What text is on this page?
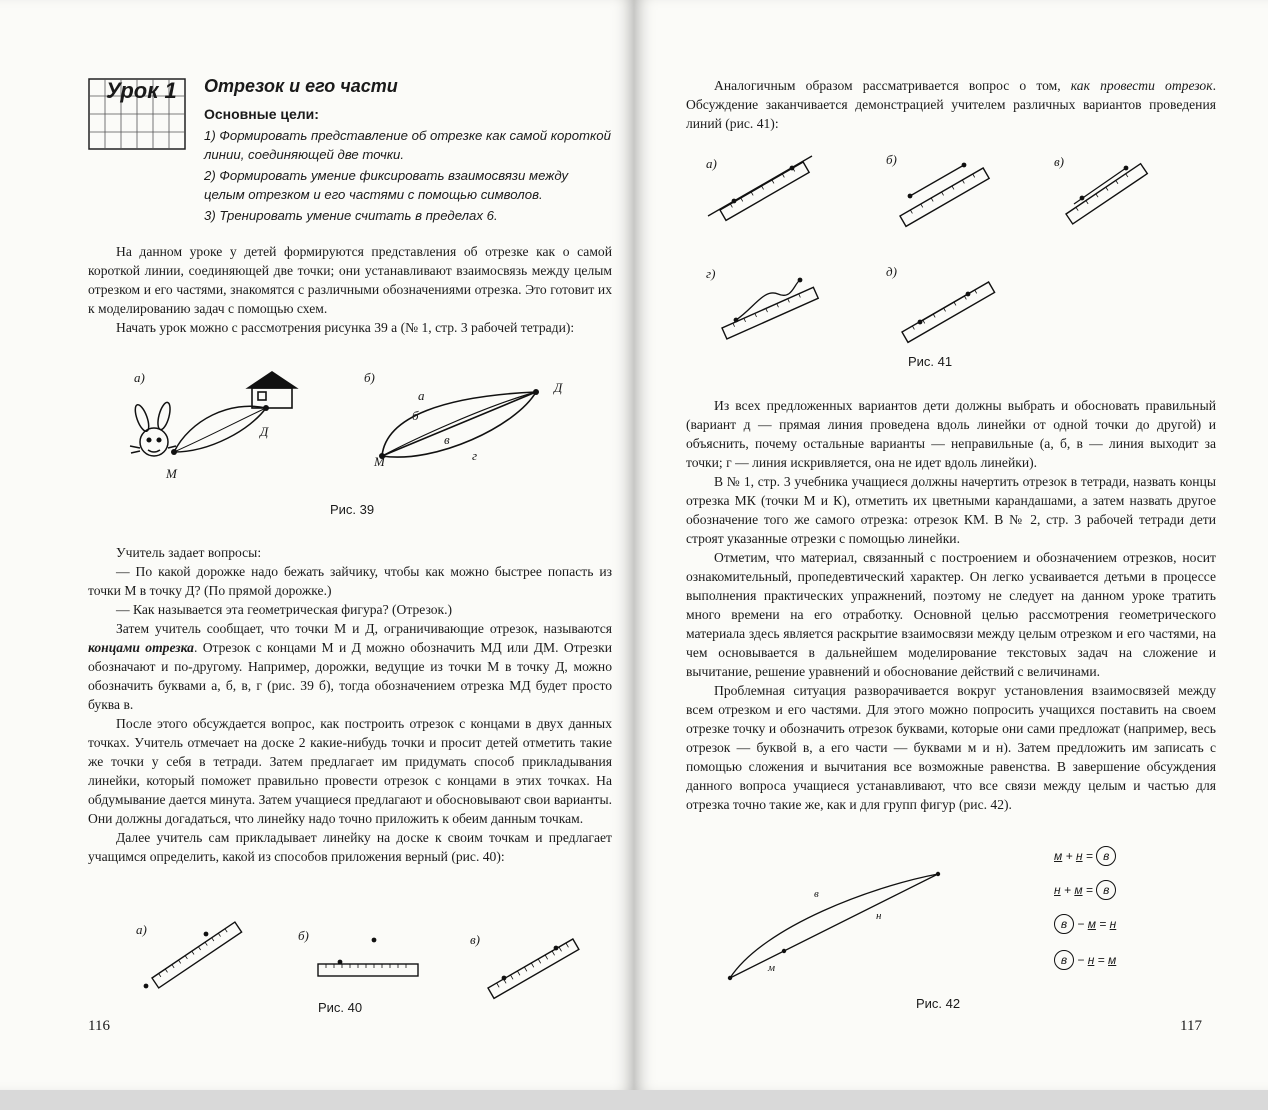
Урок 1 Отрезок и его части
Основные цели:

1) Формировать представление об отрезке как самой короткой линии, соединяющей две точки.

2) Формировать умение фиксировать взаимосвязи между целым отрезком и его частями с помощью символов.

3) Тренировать умение считать в пределах 6.

На данном уроке у детей формируются представления об отрезке как о самой короткой линии, соединяющей две точки; они устанавливают взаимосвязь между целым отрезком и его частями, знакомятся с различными обозначениями отрезка. Это готовит их к моделированию задач с помощью схем.

Начать урок можно с рассмотрения рисунка 39 а (№ 1, стр. 3 рабочей тетради):

а)	б)
М
Д
М
Д
а
б
в
г
Рис. 39

Учитель задает вопросы:

— По какой дорожке надо бежать зайчику, чтобы как можно быстрее попасть из точки М в точку Д? (По прямой дорожке.)

— Как называется эта геометрическая фигура? (Отрезок.)

Затем учитель сообщает, что точки М и Д, ограничивающие отрезок, называются концами отрезка. Отрезок с концами М и Д можно обозначить МД или ДМ. Отрезки обозначают и по-другому. Например, дорожки, ведущие из точки М в точку Д, можно обозначить буквами а, б, в, г (рис. 39 б), тогда обозначением отрезка МД будет просто буква в.

После этого обсуждается вопрос, как построить отрезок с концами в двух данных точках. Учитель отмечает на доске 2 какие-нибудь точки и просит детей отметить такие же точки у себя в тетради. Затем предлагает им придумать способ прикладывания линейки, который поможет правильно провести отрезок с концами в этих точках. На обдумывание дается минута. Затем учащиеся предлагают и обосновывают свои варианты. Они должны догадаться, что линейку надо точно приложить к обеим данным точкам.

Далее учитель сам прикладывает линейку на доске к своим точкам и предлагает учащимся определить, какой из способов приложения верный (рис. 40):

а)	б)	в)
Рис. 40
116

Аналогичным образом рассматривается вопрос о том, как провести отрезок. Обсуждение заканчивается демонстрацией учителем различных вариантов проведения линий (рис. 41):

а)	б)	в)
г)	д)
Рис. 41

Из всех предложенных вариантов дети должны выбрать и обосновать правильный (вариант д — прямая линия проведена вдоль линейки от одной точки до другой) и объяснить, почему остальные варианты — неправильные (а, б, в — линия выходит за точки; г — линия искривляется, она не идет вдоль линейки).

В № 1, стр. 3 учебника учащиеся должны начертить отрезок в тетради, назвать концы отрезка МК (точки М и К), отметить их цветными карандашами, а затем назвать другое обозначение того же самого отрезка: отрезок КМ. В № 2, стр. 3 рабочей тетради дети строят указанные отрезки с помощью линейки.

Отметим, что материал, связанный с построением и обозначением отрезков, носит ознакомительный, пропедевтический характер. Он легко усваивается детьми в процессе выполнения практических упражнений, поэтому не следует на данном уроке тратить много времени на его отработку. Основной целью рассмотрения геометрического материала здесь является раскрытие взаимосвязи между целым отрезком и его частями, на чем основывается в дальнейшем моделирование текстовых задач на сложение и вычитание, решение уравнений и обоснование действий с величинами.

Проблемная ситуация разворачивается вокруг установления взаимосвязей между всем отрезком и его частями. Для этого можно попросить учащихся поставить на своем отрезке точку и обозначить отрезок буквами, которые они сами предложат (например, весь отрезок — буквой в, а его части — буквами м и н). Затем предложить им записать с помощью сложения и вычитания все возможные равенства. В завершение обсуждения данного вопроса учащиеся устанавливают, что все связи между целым и частью для отрезка точно такие же, как и для групп фигур (рис. 42).

в
н
м
Рис. 42
м + н = в
н + м = в
в − м = н
в − н = м
117
